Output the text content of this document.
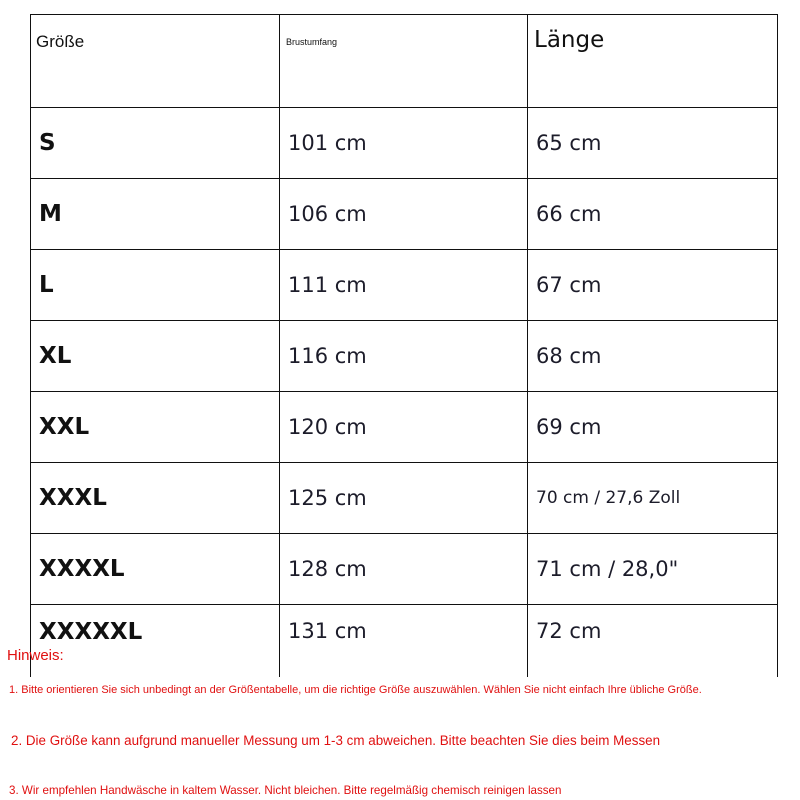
Größe	Brustumfang	Länge
S	101 cm	65 cm
M	106 cm	66 cm
L	111 cm	67 cm
XL	116 cm	68 cm
XXL	120 cm	69 cm
XXXL	125 cm	70 cm / 27,6 Zoll
XXXXL	128 cm	71 cm / 28,0"
XXXXXL	131 cm	72 cm
Hinweis:
1. Bitte orientieren Sie sich unbedingt an der Größentabelle, um die richtige Größe auszuwählen. Wählen Sie nicht einfach Ihre übliche Größe.
2. Die Größe kann aufgrund manueller Messung um 1-3 cm abweichen. Bitte beachten Sie dies beim Messen
3. Wir empfehlen Handwäsche in kaltem Wasser. Nicht bleichen. Bitte regelmäßig chemisch reinigen lassen
